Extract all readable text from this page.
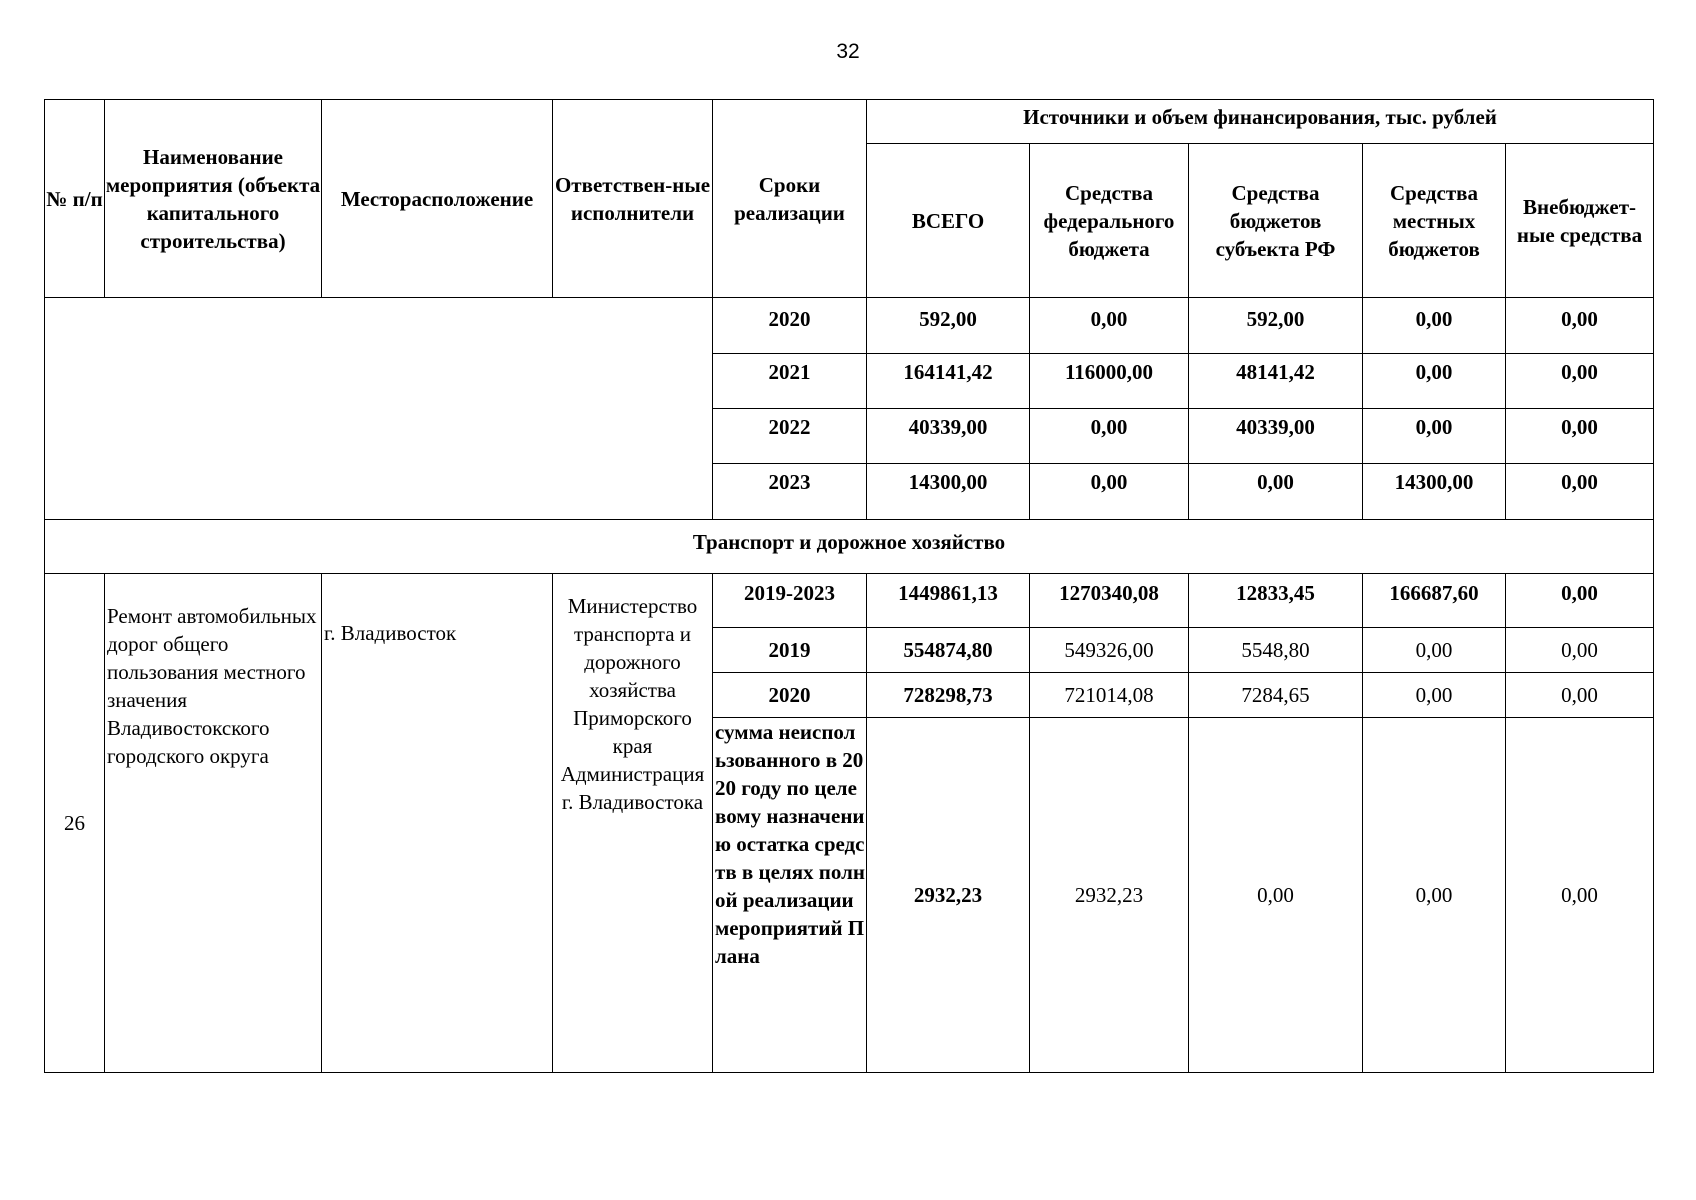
32
№ п/п	Наименование мероприятия (объекта капитального строительства)	Месторасположение	Ответствен-ные исполнители	Сроки реализации	Источники и объем финансирования, тыс. рублей				
					ВСЕГО	Средства федерального бюджета	Средства бюджетов субъекта РФ	Средства местных бюджетов	Внебюджет-ные средства
				2020	592,00	0,00	592,00	0,00	0,00
				2021	164141,42	116000,00	48141,42	0,00	0,00
				2022	40339,00	0,00	40339,00	0,00	0,00
				2023	14300,00	0,00	0,00	14300,00	0,00
Транспорт и дорожное хозяйство									
26	Ремонт автомобильных дорог общего пользования местного значения Владивостокского городского округа	г. Владивосток	Министерство транспорта и дорожного хозяйства Приморского края Администрация г. Владивостока	2019-2023	1449861,13	1270340,08	12833,45	166687,60	0,00
				2019	554874,80	549326,00	5548,80	0,00	0,00
				2020	728298,73	721014,08	7284,65	0,00	0,00
				сумма неиспользованного в 2020 году по целевому назначению остатка средств в целях полной реализации мероприятий Плана	2932,23	2932,23	0,00	0,00	0,00
